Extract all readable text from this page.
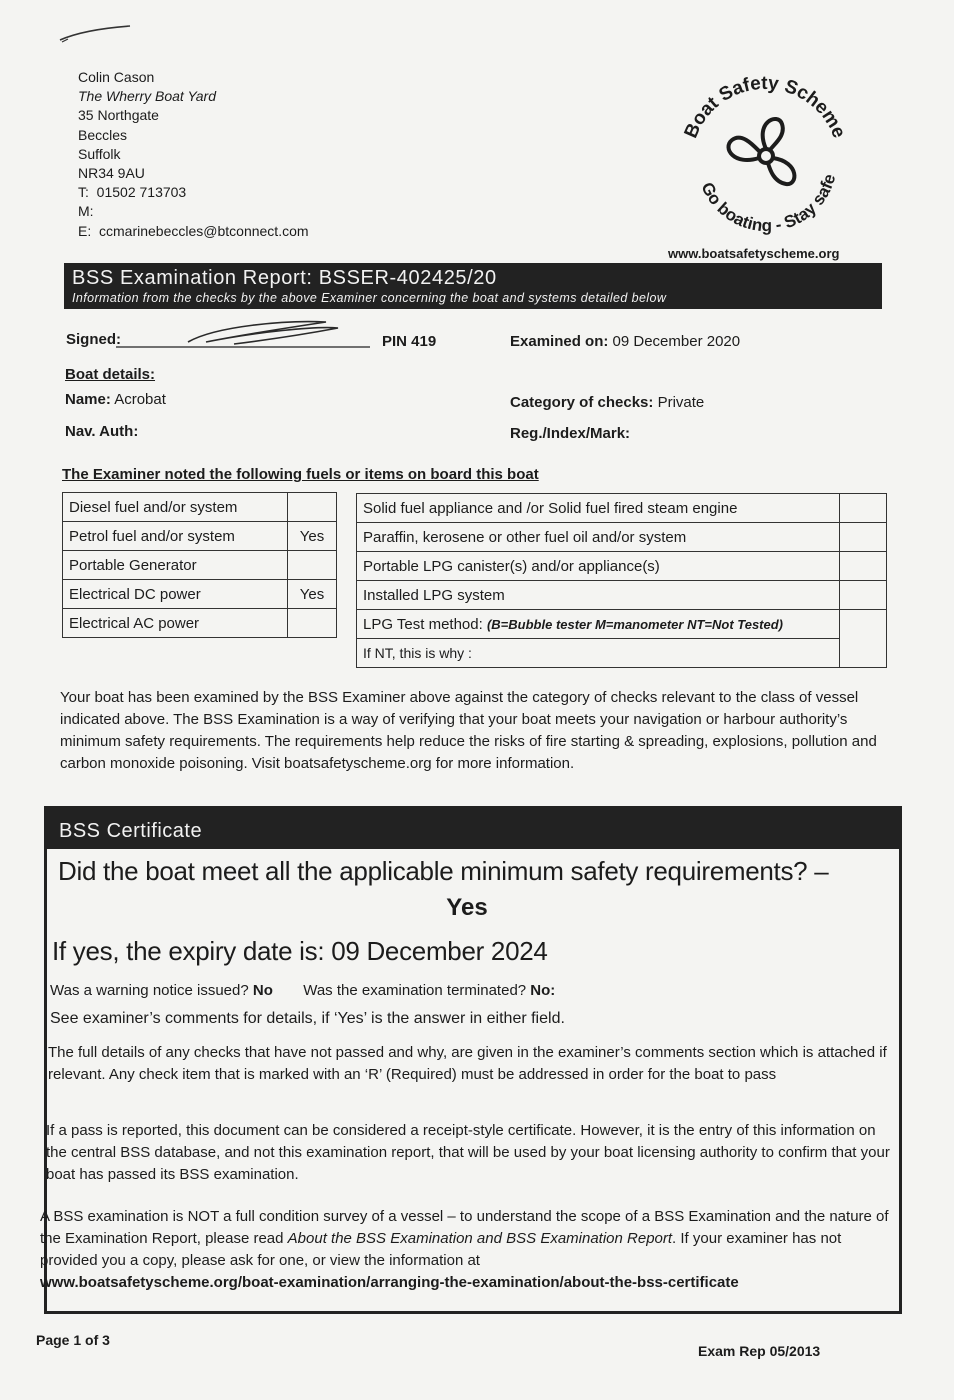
Colin Cason
The Wherry Boat Yard
35 Northgate
Beccles
Suffolk
NR34 9AU
T: 01502 713703
M:
E: ccmarinebeccles@btconnect.com
Boat Safety Scheme
Go boating - Stay safe
www.boatsafetyscheme.org
BSS Examination Report: BSSER-402425/20
Information from the checks by the above Examiner concerning the boat and systems detailed below
Signed:	PIN 419	Examined on: 09 December 2020
Boat details:
Name: Acrobat	Category of checks: Private
Nav. Auth:	Reg./Index/Mark:
The Examiner noted the following fuels or items on board this boat
Diesel fuel and/or system	
Petrol fuel and/or system	Yes
Portable Generator	
Electrical DC power	Yes
Electrical AC power	
Solid fuel appliance and /or Solid fuel fired steam engine	
Paraffin, kerosene or other fuel oil and/or system	
Portable LPG canister(s) and/or appliance(s)	
Installed LPG system	
LPG Test method: (B=Bubble tester M=manometer NT=Not Tested)	
If NT, this is why :	
Your boat has been examined by the BSS Examiner above against the category of checks relevant to the class of vessel indicated above. The BSS Examination is a way of verifying that your boat meets your navigation or harbour authority’s minimum safety requirements. The requirements help reduce the risks of fire starting & spreading, explosions, pollution and carbon monoxide poisoning. Visit boatsafetyscheme.org for more information.
BSS Certificate
Did the boat meet all the applicable minimum safety requirements? –
Yes
If yes, the expiry date is: 09 December 2024
Was a warning notice issued? No Was the examination terminated? No:
See examiner’s comments for details, if ‘Yes’ is the answer in either field.
The full details of any checks that have not passed and why, are given in the examiner’s comments section which is attached if relevant. Any check item that is marked with an ‘R’ (Required) must be addressed in order for the boat to pass
If a pass is reported, this document can be considered a receipt-style certificate. However, it is the entry of this information on the central BSS database, and not this examination report, that will be used by your boat licensing authority to confirm that your boat has passed its BSS examination.
A BSS examination is NOT a full condition survey of a vessel – to understand the scope of a BSS Examination and the nature of the Examination Report, please read About the BSS Examination and BSS Examination Report. If your examiner has not provided you a copy, please ask for one, or view the information at
www.boatsafetyscheme.org/boat-examination/arranging-the-examination/about-the-bss-certificate
Page 1 of 3
Exam Rep 05/2013
